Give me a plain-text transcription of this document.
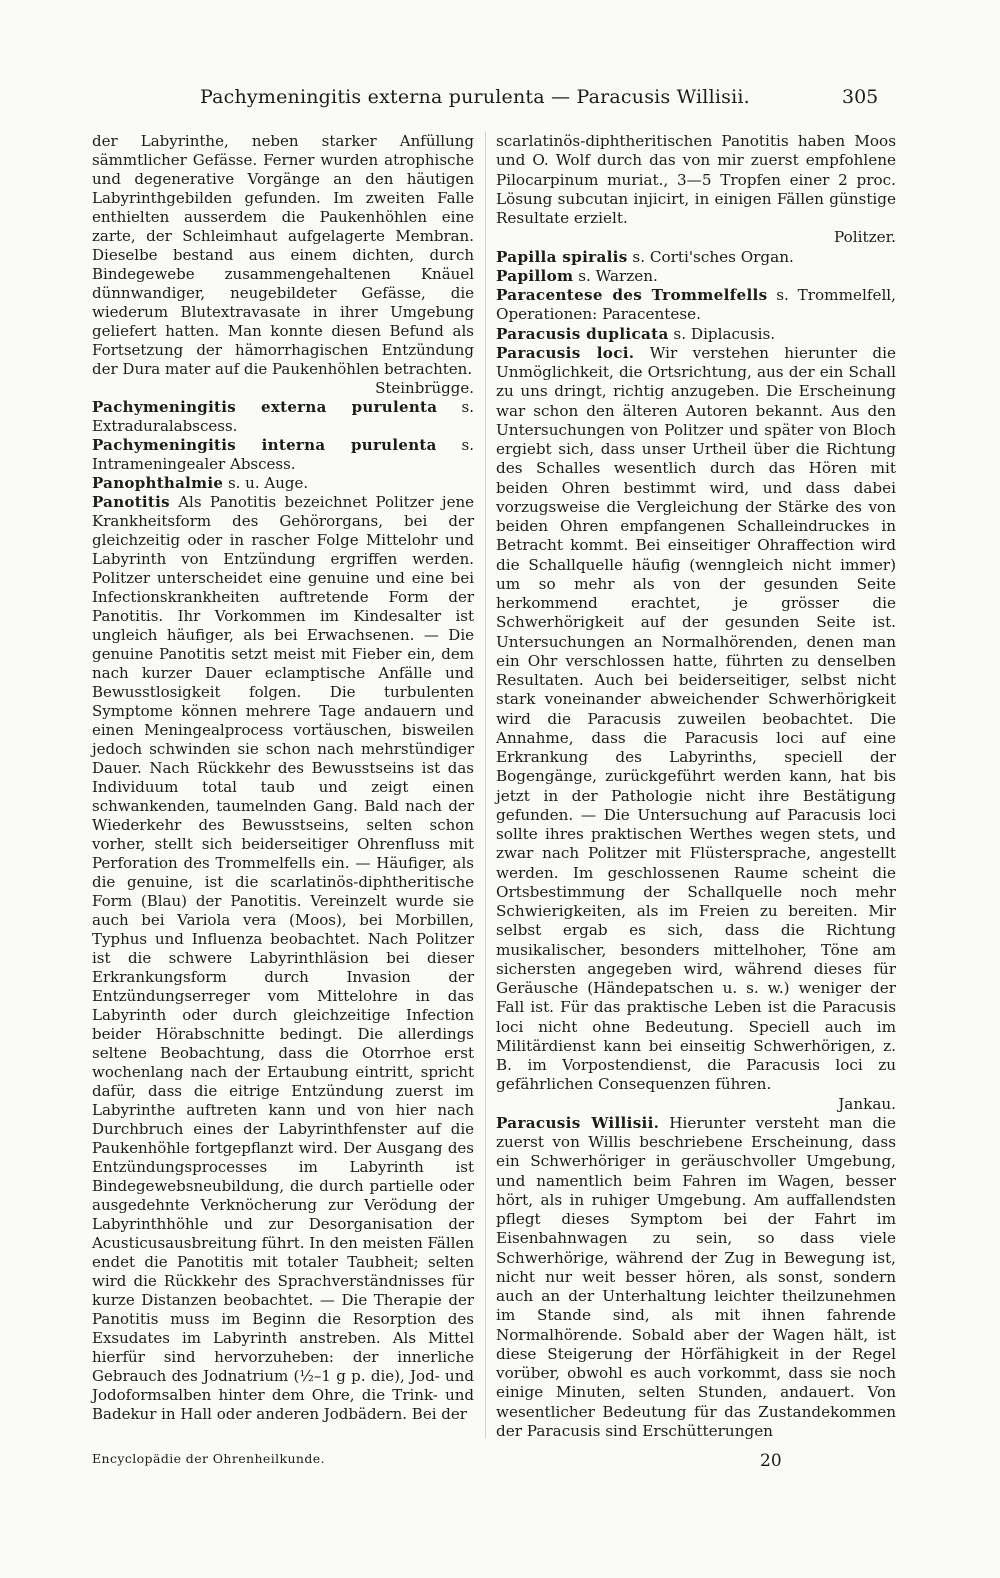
Pachymeningitis externa purulenta — Paracusis Willisii.	305

der Labyrinthe, neben starker Anfüllung sämmtlicher Gefässe. Ferner wurden atrophische und degenerative Vorgänge an den häutigen Labyrinthgebilden gefunden. Im zweiten Falle enthielten ausserdem die Paukenhöhlen eine zarte, der Schleimhaut aufgelagerte Membran. Dieselbe bestand aus einem dichten, durch Bindegewebe zusammengehaltenen Knäuel dünnwandiger, neugebildeter Gefässe, die wiederum Blutextravasate in ihrer Umgebung geliefert hatten. Man konnte diesen Befund als Fortsetzung der hämorrhagischen Entzündung der Dura mater auf die Paukenhöhlen betrachten.

Steinbrügge.

Pachymeningitis externa purulenta s. Extraduralabscess.

Pachymeningitis interna purulenta s. Intrameningealer Abscess.

Panophthalmie s. u. Auge.

Panotitis Als Panotitis bezeichnet Politzer jene Krankheitsform des Gehörorgans, bei der gleichzeitig oder in rascher Folge Mittelohr und Labyrinth von Entzündung ergriffen werden. Politzer unterscheidet eine genuine und eine bei Infectionskrankheiten auftretende Form der Panotitis. Ihr Vorkommen im Kindesalter ist ungleich häufiger, als bei Erwachsenen. — Die genuine Panotitis setzt meist mit Fieber ein, dem nach kurzer Dauer eclamptische Anfälle und Bewusstlosigkeit folgen. Die turbulenten Symptome können mehrere Tage andauern und einen Meningealprocess vortäuschen, bisweilen jedoch schwinden sie schon nach mehrstündiger Dauer. Nach Rückkehr des Bewusstseins ist das Individuum total taub und zeigt einen schwankenden, taumelnden Gang. Bald nach der Wiederkehr des Bewusstseins, selten schon vorher, stellt sich beiderseitiger Ohrenfluss mit Perforation des Trommelfells ein. — Häufiger, als die genuine, ist die scarlatinös-diphtheritische Form (Blau) der Panotitis. Vereinzelt wurde sie auch bei Variola vera (Moos), bei Morbillen, Typhus und Influenza beobachtet. Nach Politzer ist die schwere Labyrinthläsion bei dieser Erkrankungsform durch Invasion der Entzündungserreger vom Mittelohre in das Labyrinth oder durch gleichzeitige Infection beider Hörabschnitte bedingt. Die allerdings seltene Beobachtung, dass die Otorrhoe erst wochenlang nach der Ertaubung eintritt, spricht dafür, dass die eitrige Entzündung zuerst im Labyrinthe auftreten kann und von hier nach Durchbruch eines der Labyrinthfenster auf die Paukenhöhle fortgepflanzt wird. Der Ausgang des Entzündungsprocesses im Labyrinth ist Bindegewebsneubildung, die durch partielle oder ausgedehnte Verknöcherung zur Verödung der Labyrinthhöhle und zur Desorganisation der Acusticusausbreitung führt. In den meisten Fällen endet die Panotitis mit totaler Taubheit; selten wird die Rückkehr des Sprachverständnisses für kurze Distanzen beobachtet. — Die Therapie der Panotitis muss im Beginn die Resorption des Exsudates im Labyrinth anstreben. Als Mittel hierfür sind hervorzuheben: der innerliche Gebrauch des Jodnatrium (½–1 g p. die), Jod- und Jodoformsalben hinter dem Ohre, die Trink- und Badekur in Hall oder anderen Jodbädern. Bei der

scarlatinös-diphtheritischen Panotitis haben Moos und O. Wolf durch das von mir zuerst empfohlene Pilocarpinum muriat., 3—5 Tropfen einer 2 proc. Lösung subcutan injicirt, in einigen Fällen günstige Resultate erzielt.

Politzer.

Papilla spiralis s. Corti'sches Organ.

Papillom s. Warzen.

Paracentese des Trommelfells s. Trommelfell, Operationen: Paracentese.

Paracusis duplicata s. Diplacusis.

Paracusis loci. Wir verstehen hierunter die Unmöglichkeit, die Ortsrichtung, aus der ein Schall zu uns dringt, richtig anzugeben. Die Erscheinung war schon den älteren Autoren bekannt. Aus den Untersuchungen von Politzer und später von Bloch ergiebt sich, dass unser Urtheil über die Richtung des Schalles wesentlich durch das Hören mit beiden Ohren bestimmt wird, und dass dabei vorzugsweise die Vergleichung der Stärke des von beiden Ohren empfangenen Schalleindruckes in Betracht kommt. Bei einseitiger Ohraffection wird die Schallquelle häufig (wenngleich nicht immer) um so mehr als von der gesunden Seite herkommend erachtet, je grösser die Schwerhörigkeit auf der gesunden Seite ist. Untersuchungen an Normalhörenden, denen man ein Ohr verschlossen hatte, führten zu denselben Resultaten. Auch bei beiderseitiger, selbst nicht stark voneinander abweichender Schwerhörigkeit wird die Paracusis zuweilen beobachtet. Die Annahme, dass die Paracusis loci auf eine Erkrankung des Labyrinths, speciell der Bogengänge, zurückgeführt werden kann, hat bis jetzt in der Pathologie nicht ihre Bestätigung gefunden. — Die Untersuchung auf Paracusis loci sollte ihres praktischen Werthes wegen stets, und zwar nach Politzer mit Flüstersprache, angestellt werden. Im geschlossenen Raume scheint die Ortsbestimmung der Schallquelle noch mehr Schwierigkeiten, als im Freien zu bereiten. Mir selbst ergab es sich, dass die Richtung musikalischer, besonders mittelhoher, Töne am sichersten angegeben wird, während dieses für Geräusche (Händepatschen u. s. w.) weniger der Fall ist. Für das praktische Leben ist die Paracusis loci nicht ohne Bedeutung. Speciell auch im Militärdienst kann bei einseitig Schwerhörigen, z. B. im Vorpostendienst, die Paracusis loci zu gefährlichen Consequenzen führen.

Jankau.

Paracusis Willisii. Hierunter versteht man die zuerst von Willis beschriebene Erscheinung, dass ein Schwerhöriger in geräuschvoller Umgebung, und namentlich beim Fahren im Wagen, besser hört, als in ruhiger Umgebung. Am auffallendsten pflegt dieses Symptom bei der Fahrt im Eisenbahnwagen zu sein, so dass viele Schwerhörige, während der Zug in Bewegung ist, nicht nur weit besser hören, als sonst, sondern auch an der Unterhaltung leichter theilzunehmen im Stande sind, als mit ihnen fahrende Normalhörende. Sobald aber der Wagen hält, ist diese Steigerung der Hörfähigkeit in der Regel vorüber, obwohl es auch vorkommt, dass sie noch einige Minuten, selten Stunden, andauert. Von wesentlicher Bedeutung für das Zustandekommen der Paracusis sind Erschütterungen

Encyclopädie der Ohrenheilkunde.	20
